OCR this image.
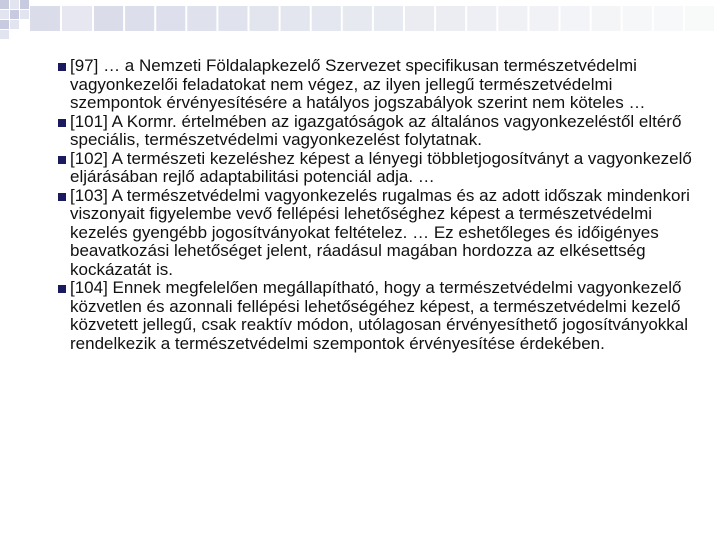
[97] … a Nemzeti Földalapkezelő Szervezet specifikusan természetvédelmi vagyonkezelői feladatokat nem végez, az ilyen jellegű természetvédelmi szempontok érvényesítésére a hatályos jogszabályok szerint nem köteles …
[101] A Kormr. értelmében az igazgatóságok az általános vagyonkezeléstől eltérő speciális, természetvédelmi vagyonkezelést folytatnak.
[102] A természeti kezeléshez képest a lényegi többletjogosítványt a vagyonkezelő eljárásában rejlő adaptabilitási potenciál adja. …
[103] A természetvédelmi vagyonkezelés rugalmas és az adott időszak mindenkori viszonyait figyelembe vevő fellépési lehetőséghez képest a természetvédelmi kezelés gyengébb jogosítványokat feltételez. … Ez eshetőleges és időigényes beavatkozási lehetőséget jelent, ráadásul magában hordozza az elkésettség kockázatát is.
[104] Ennek megfelelően megállapítható, hogy a természetvédelmi vagyonkezelő közvetlen és azonnali fellépési lehetőségéhez képest, a természetvédelmi kezelő közvetett jellegű, csak reaktív módon, utólagosan érvényesíthető jogosítványokkal rendelkezik a természetvédelmi szempontok érvényesítése érdekében.
